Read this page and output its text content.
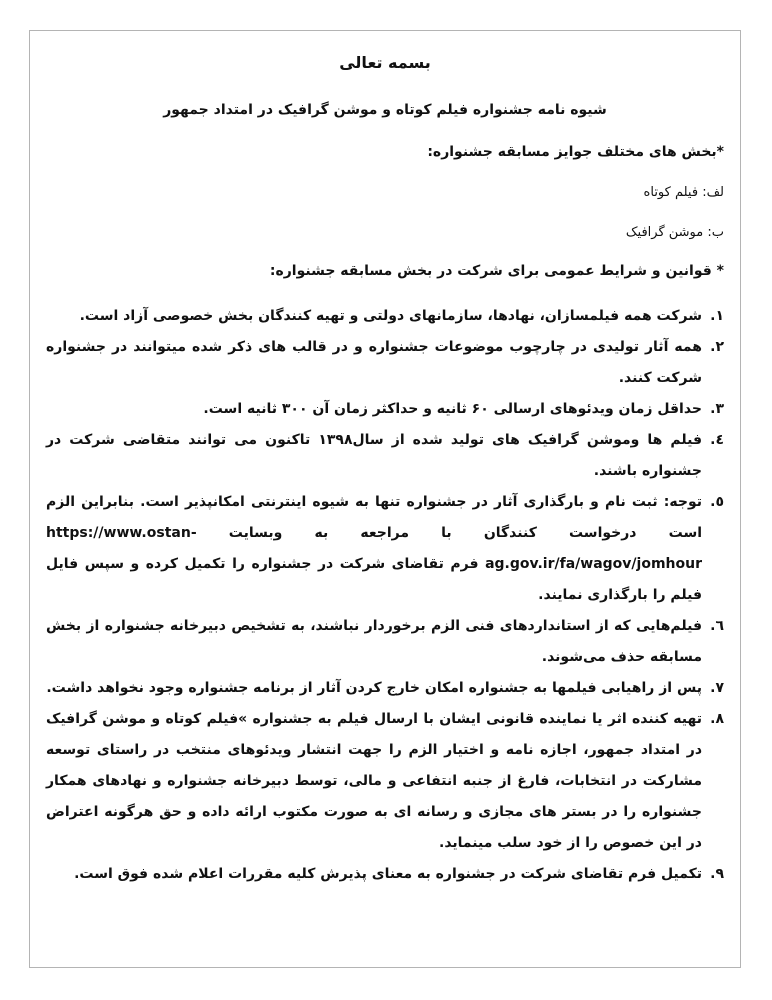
بسمه تعالی
شیوه نامه جشنواره فیلم کوتاه و موشن گرافیک در امتداد جمهور
*بخش های مختلف جوایز مسابقه جشنواره:
لف: فیلم کوتاه
ب: موشن گرافیک
* قوانین و شرایط عمومی برای شرکت در بخش مسابقه جشنواره:
۱.
شرکت همه فیلمسازان، نهادها، سازمانهای دولتی و تهیه کنندگان بخش خصوصی آزاد است.
۲.
همه آثار تولیدی در چارچوب موضوعات جشنواره و در قالب های ذکر شده میتوانند در جشنواره شرکت کنند.
۳.
حداقل زمان ویدئوهای ارسالی ۶۰ ثانیه و حداکثر زمان آن ۳۰۰ ثانیه است.
٤.
فیلم ها وموشن گرافیک های تولید شده از سال۱۳۹۸ تاکنون می توانند متقاضی شرکت در جشنواره باشند.
٥.
توجه: ثبت نام و بارگذاری آثار در جشنواره تنها به شیوه اینترنتی امکانپذیر است. بنابراین الزم است درخواست کنندگان با مراجعه به وبسایت https://www.ostan-ag.gov.ir/fa/wagov/jomhour فرم تقاضای شرکت در جشنواره را تکمیل کرده و سپس فایل فیلم را بارگذاری نمایند.
٦.
فیلم‌هایی که از استانداردهای فنی الزم برخوردار نباشند، به تشخیص دبیرخانه جشنواره از بخش مسابقه حذف می‌شوند.
٧.
پس از راهیابی فیلمها به جشنواره امکان خارج کردن آثار از برنامه جشنواره وجود نخواهد داشت.
٨.
تهیه کننده اثر یا نماینده قانونی ایشان با ارسال فیلم به جشنواره »فیلم کوتاه و موشن گرافیک در امتداد جمهور، اجازه نامه و اختیار الزم را جهت انتشار ویدئوهای منتخب در راستای توسعه مشارکت در انتخابات، فارغ از جنبه انتفاعی و مالی، توسط دبیرخانه جشنواره و نهادهای همکار جشنواره را در بستر های مجازی و رسانه ای به صورت مکتوب ارائه داده و حق هرگونه اعتراض در این خصوص را از خود سلب مینماید.
٩.
تکمیل فرم تقاضای شرکت در جشنواره به معنای پذیرش کلیه مقررات اعلام شده فوق است.
